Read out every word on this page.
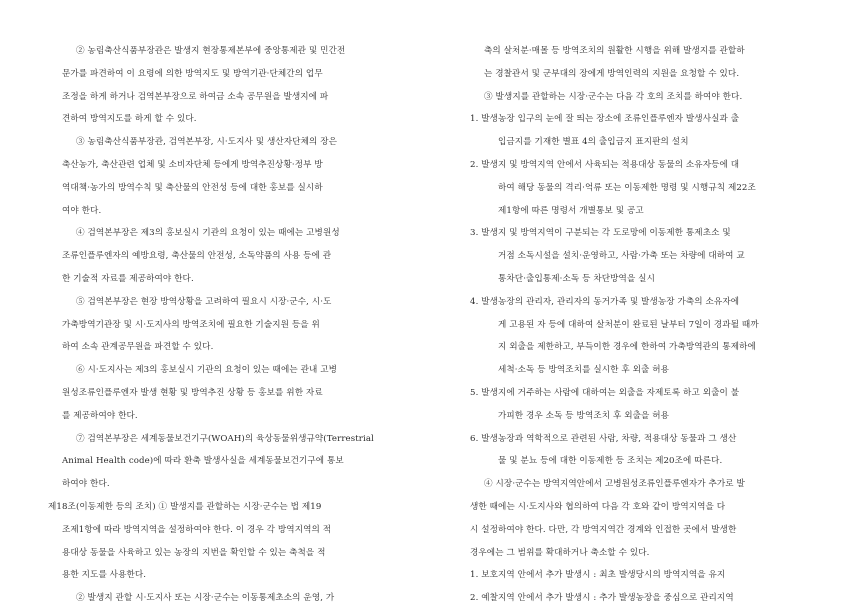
② 농림축산식품부장관은 발생지 현장통제본부에 중앙통제관 및 민간전
문가를 파견하여 이 요령에 의한 방역지도 및 방역기관·단체간의 업무
조정을 하게 하거나 검역본부장으로 하여금 소속 공무원을 발생지에 파
견하여 방역지도를 하게 할 수 있다.
③ 농림축산식품부장관, 검역본부장, 시·도지사 및 생산자단체의 장은
축산농가, 축산관련 업체 및 소비자단체 등에게 방역추진상황·정부 방
역대책·농가의 방역수칙 및 축산물의 안전성 등에 대한 홍보를 실시하
여야 한다.
④ 검역본부장은 제3의 홍보실시 기관의 요청이 있는 때에는 고병원성
조류인플루엔자의 예방요령, 축산물의 안전성, 소독약품의 사용 등에 관
한 기술적 자료를 제공하여야 한다.
⑤ 검역본부장은 현장 방역상황을 고려하여 필요시 시장·군수, 시·도
가축방역기관장 및 시·도지사의 방역조치에 필요한 기술지원 등을 위
하여 소속 관계공무원을 파견할 수 있다.
⑥ 시·도지사는 제3의 홍보실시 기관의 요청이 있는 때에는 관내 고병
원성조류인플루엔자 발생 현황 및 방역추진 상황 등 홍보를 위한 자료
를 제공하여야 한다.
⑦ 검역본부장은 세계동물보건기구(WOAH)의 육상동물위생규약(Terrestrial
Animal Health code)에 따라 환축 발생사실을 세계동물보건기구에 통보
하여야 한다.
제18조(이동제한 등의 조치) ① 발생지를 관할하는 시장·군수는 법 제19
조제1항에 따라 방역지역을 설정하여야 한다. 이 경우 각 방역지역의 적
용대상 동물을 사육하고 있는 농장의 지번을 확인할 수 있는 축척을 적
용한 지도를 사용한다.
② 발생지 관할 시·도지사 또는 시장·군수는 이동통제초소의 운영, 가
축의 살처분·매몰 등 방역조치의 원활한 시행을 위해 발생지를 관할하
는 경찰관서 및 군부대의 장에게 방역인력의 지원을 요청할 수 있다.
③ 발생지를 관할하는 시장·군수는 다음 각 호의 조치를 하여야 한다.
1. 발생농장 입구의 눈에 잘 띄는 장소에 조류인플루엔자 발생사실과 출
입금지를 기재한 별표 4의 출입금지 표지판의 설치
2. 발생지 및 방역지역 안에서 사육되는 적용대상 동물의 소유자등에 대
하여 해당 동물의 격리·억류 또는 이동제한 명령 및 시행규칙 제22조
제1항에 따른 명령서 개별통보 및 공고
3. 발생지 및 방역지역이 구분되는 각 도로망에 이동제한 통제초소 및
거점 소독시설을 설치·운영하고, 사람·가축 또는 차량에 대하여 교
통차단·출입통제·소독 등 차단방역을 실시
4. 발생농장의 관리자, 관리자의 동거가족 및 발생농장 가축의 소유자에
게 고용된 자 등에 대하여 살처분이 완료된 날부터 7일이 경과될 때까
지 외출을 제한하고, 부득이한 경우에 한하여 가축방역관의 통제하에
세척·소독 등 방역조치를 실시한 후 외출 허용
5. 발생지에 거주하는 사람에 대하여는 외출을 자제토록 하고 외출이 불
가피한 경우 소독 등 방역조치 후 외출을 허용
6. 발생농장과 역학적으로 관련된 사람, 차량, 적용대상 동물과 그 생산
물 및 분뇨 등에 대한 이동제한 등 조치는 제20조에 따른다.
④ 시장·군수는 방역지역안에서 고병원성조류인플루엔자가 추가로 발
생한 때에는 시·도지사와 협의하여 다음 각 호와 같이 방역지역을 다
시 설정하여야 한다. 다만, 각 방역지역간 경계와 인접한 곳에서 발생한
경우에는 그 범위를 확대하거나 축소할 수 있다.
1. 보호지역 안에서 추가 발생시 : 최초 발생당시의 방역지역을 유지
2. 예찰지역 안에서 추가 발생시 : 추가 발생농장을 중심으로 관리지역
